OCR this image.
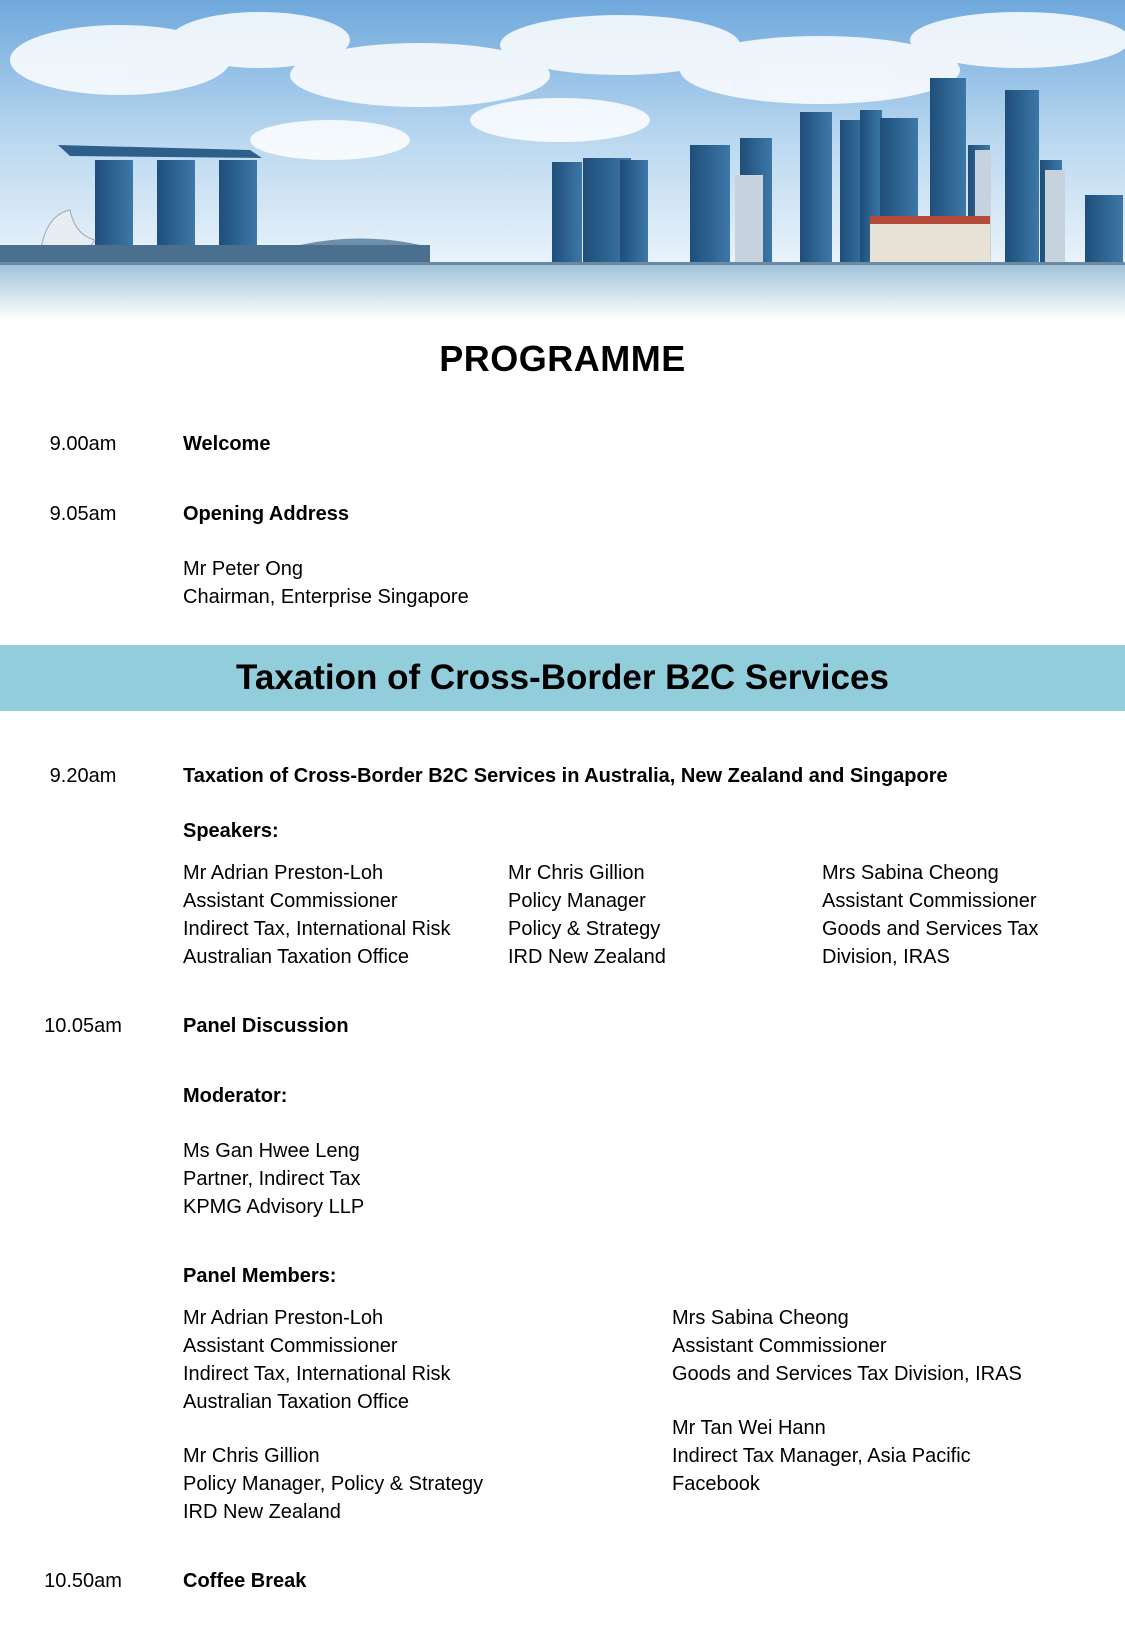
PROGRAMME
9.00am	Welcome
9.05am	Opening Address
Mr Peter Ong
Chairman, Enterprise Singapore
Taxation of Cross-Border B2C Services
9.20am	Taxation of Cross-Border B2C Services in Australia, New Zealand and Singapore
Speakers:
Mr Adrian Preston-Loh
Assistant Commissioner
Indirect Tax, International Risk
Australian Taxation Office
Mr Chris Gillion
Policy Manager
Policy & Strategy
IRD New Zealand
Mrs Sabina Cheong
Assistant Commissioner
Goods and Services Tax
Division, IRAS
10.05am	Panel Discussion
Moderator:
Ms Gan Hwee Leng
Partner, Indirect Tax
KPMG Advisory LLP
Panel Members:
Mr Adrian Preston-Loh
Assistant Commissioner
Indirect Tax, International Risk
Australian Taxation Office
Mr Chris Gillion
Policy Manager, Policy & Strategy
IRD New Zealand
Mrs Sabina Cheong
Assistant Commissioner
Goods and Services Tax Division, IRAS
Mr Tan Wei Hann
Indirect Tax Manager, Asia Pacific
Facebook
10.50am	Coffee Break
